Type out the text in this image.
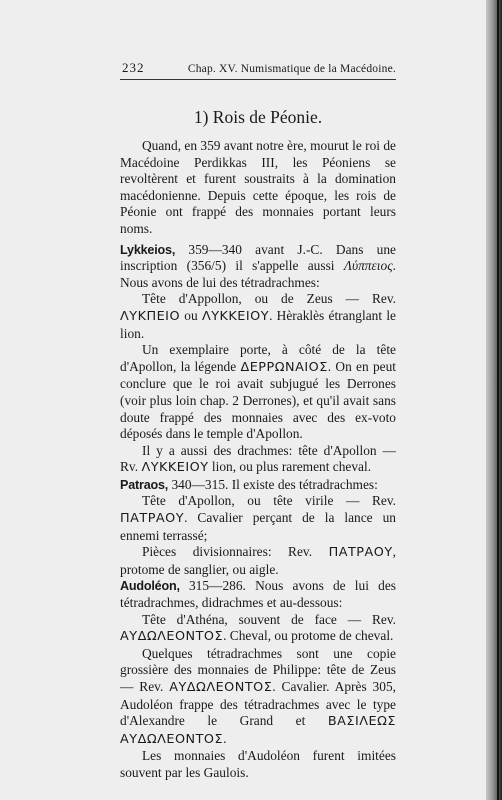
232	Chap. XV. Numismatique de la Macédoine.
1) Rois de Péonie.

Quand, en 359 avant notre ère, mourut le roi de Macédoine Perdikkas III, les Péoniens se revoltèrent et furent soustraits à la domination macédonienne. Depuis cette époque, les rois de Péonie ont frappé des monnaies portant leurs noms.

Lykkeios, 359—340 avant J.-C. Dans une inscription (356/5) il s'appelle aussi Λύππειος. Nous avons de lui des tétradrachmes:

Tête d'Appollon, ou de Zeus — Rev. ΛΥΚΠΕΙΟ ou ΛΥΚΚΕΙΟΥ. Hèraklès étranglant le lion.

Un exemplaire porte, à côté de la tête d'Apollon, la légende ΔΕΡΡΩΝΑΙΟΣ. On en peut conclure que le roi avait subjugué les Derrones (voir plus loin chap. 2 Derrones), et qu'il avait sans doute frappé des monnaies avec des ex-voto déposés dans le temple d'Apollon.

Il y a aussi des drachmes: tête d'Apollon — Rv. ΛΥΚΚΕΙΟΥ lion, ou plus rarement cheval.

Patraos, 340—315. Il existe des tétradrachmes:

Tête d'Apollon, ou tête virile — Rev. ΠΑΤΡΑΟΥ. Cavalier perçant de la lance un ennemi terrassé;

Pièces divisionnaires: Rev. ΠΑΤΡΑΟΥ, protome de sanglier, ou aigle.

Audoléon, 315—286. Nous avons de lui des tétradrachmes, didrachmes et au-dessous:

Tête d'Athéna, souvent de face — Rev. ΑΥΔΩΛΕΟΝΤΟΣ. Cheval, ou protome de cheval.

Quelques tétradrachmes sont une copie grossière des monnaies de Philippe: tête de Zeus — Rev. ΑΥΔΩΛΕΟΝΤΟΣ. Cavalier. Après 305, Audoléon frappe des tétradrachmes avec le type d'Alexandre le Grand et ΒΑΣΙΛΕΩΣ ΑΥΔΩΛΕΟΝΤΟΣ.

Les monnaies d'Audoléon furent imitées souvent par les Gaulois.
